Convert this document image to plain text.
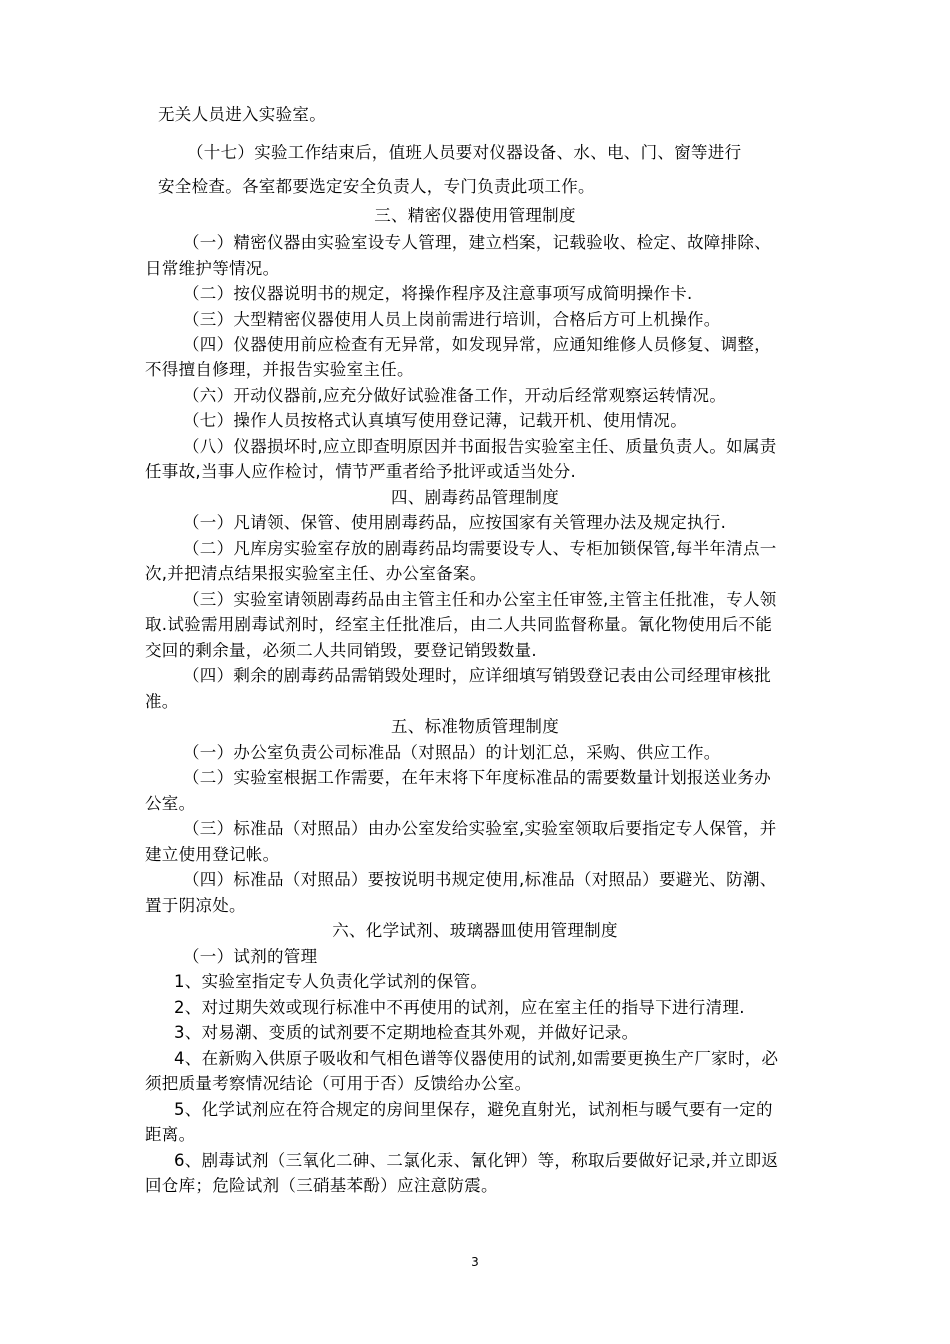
无关人员进入实验室。
（十七）实验工作结束后，值班人员要对仪器设备、水、电、门、窗等进行
安全检查。各室都要选定安全负责人，专门负责此项工作。
三、精密仪器使用管理制度
（一）精密仪器由实验室设专人管理，建立档案，记载验收、检定、故障排除、
日常维护等情况。
（二）按仪器说明书的规定，将操作程序及注意事项写成简明操作卡.
（三）大型精密仪器使用人员上岗前需进行培训，合格后方可上机操作。
（四）仪器使用前应检查有无异常，如发现异常，应通知维修人员修复、调整，
不得擅自修理，并报告实验室主任。
（六）开动仪器前,应充分做好试验准备工作，开动后经常观察运转情况。
（七）操作人员按格式认真填写使用登记薄，记载开机、使用情况。
（八）仪器损坏时,应立即查明原因并书面报告实验室主任、质量负责人。如属责
任事故,当事人应作检讨，情节严重者给予批评或适当处分.
四、剧毒药品管理制度
（一）凡请领、保管、使用剧毒药品，应按国家有关管理办法及规定执行.
（二）凡库房实验室存放的剧毒药品均需要设专人、专柜加锁保管,每半年清点一
次,并把清点结果报实验室主任、办公室备案。
（三）实验室请领剧毒药品由主管主任和办公室主任审签,主管主任批准，专人领
取.试验需用剧毒试剂时，经室主任批准后，由二人共同监督称量。氰化物使用后不能
交回的剩余量，必须二人共同销毁，要登记销毁数量.
（四）剩余的剧毒药品需销毁处理时，应详细填写销毁登记表由公司经理审核批
准。
五、标准物质管理制度
（一）办公室负责公司标准品（对照品）的计划汇总，采购、供应工作。
（二）实验室根据工作需要，在年末将下年度标准品的需要数量计划报送业务办
公室。
（三）标准品（对照品）由办公室发给实验室,实验室领取后要指定专人保管，并
建立使用登记帐。
（四）标准品（对照品）要按说明书规定使用,标准品（对照品）要避光、防潮、
置于阴凉处。
六、化学试剂、玻璃器皿使用管理制度
（一）试剂的管理
1、实验室指定专人负责化学试剂的保管。
2、对过期失效或现行标准中不再使用的试剂，应在室主任的指导下进行清理.
3、对易潮、变质的试剂要不定期地检查其外观，并做好记录。
4、在新购入供原子吸收和气相色谱等仪器使用的试剂,如需要更换生产厂家时，必
须把质量考察情况结论（可用于否）反馈给办公室。
5、化学试剂应在符合规定的房间里保存，避免直射光，试剂柜与暖气要有一定的
距离。
6、剧毒试剂（三氧化二砷、二氯化汞、氰化钾）等，称取后要做好记录,并立即返
回仓库；危险试剂（三硝基苯酚）应注意防震。
3
